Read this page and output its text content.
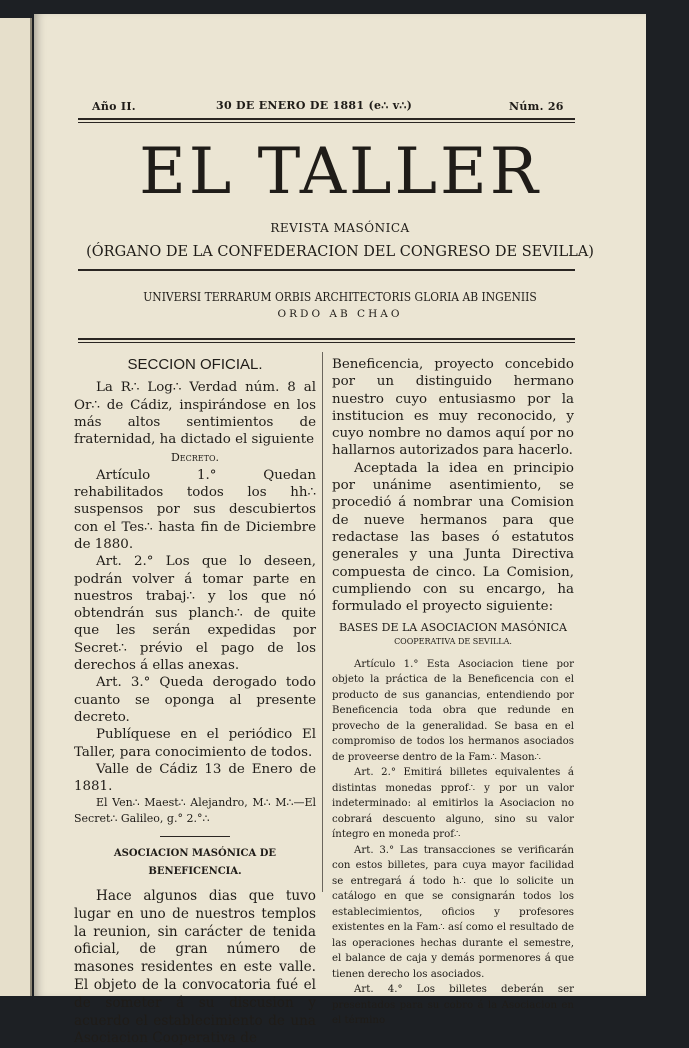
Año II.	30 DE ENERO DE 1881 (e∴ v∴)	Núm. 26
EL TALLER
REVISTA MASÓNICA
(ÓRGANO DE LA CONFEDERACION DEL CONGRESO DE SEVILLA)
UNIVERSI TERRARUM ORBIS ARCHITECTORIS GLORIA AB INGENIIS
ORDO AB CHAO
SECCION OFICIAL.

La R∴ Log∴ Verdad núm. 8 al Or∴ de Cádiz, inspirándose en los más altos sentimientos de fraternidad, ha dictado el siguiente

Decreto.

Artículo 1.° Quedan rehabilitados todos los hh∴ suspensos por sus descubiertos con el Tes∴ hasta fin de Diciembre de 1880.

Art. 2.° Los que lo deseen, podrán volver á tomar parte en nuestros trabaj∴ y los que nó obtendrán sus planch∴ de quite que les serán expedidas por Secret∴ prévio el pago de los derechos á ellas anexas.

Art. 3.° Queda derogado todo cuanto se oponga al presente decreto.

Publíquese en el periódico El Taller, para conocimiento de todos.

Valle de Cádiz 13 de Enero de 1881.

El Ven∴ Maest∴ Alejandro, M∴ M∴—El Secret∴ Galileo, g.° 2.°∴

ASOCIACION MASÓNICA DE BENEFICENCIA.

Hace algunos dias que tuvo lugar en uno de nuestros templos la reunion, sin carácter de tenida oficial, de gran número de masones residentes en este valle. El objeto de la convocatoria fué el de someter á su discusion y acuerdo el establecimiento de una Asociacion Cooperativa de

Beneficencia, proyecto concebido por un distinguido hermano nuestro cuyo entusiasmo por la institucion es muy reconocido, y cuyo nombre no damos aquí por no hallarnos autorizados para hacerlo.

Aceptada la idea en principio por unánime asentimiento, se procedió á nombrar una Comision de nueve hermanos para que redactase las bases ó estatutos generales y una Junta Directiva compuesta de cinco. La Comision, cumpliendo con su encargo, ha formulado el proyecto siguiente:

BASES DE LA ASOCIACION MASÓNICA
COOPERATIVA DE SEVILLA.

Artículo 1.° Esta Asociacion tiene por objeto la práctica de la Beneficencia con el producto de sus ganancias, entendiendo por Beneficencia toda obra que redunde en provecho de la generalidad. Se basa en el compromiso de todos los hermanos asociados de proveerse dentro de la Fam∴ Mason∴

Art. 2.° Emitirá billetes equivalentes á distintas monedas pprof∴ y por un valor indeterminado: al emitirlos la Asociacion no cobrará descuento alguno, sino su valor íntegro en moneda prof∴

Art. 3.° Las transacciones se verificarán con estos billetes, para cuya mayor facilidad se entregará á todo h∴ que lo solicite un catálogo en que se consignarán todos los establecimientos, oficios y profesores existentes en la Fam∴ así como el resultado de las operaciones hechas durante el semestre, el balance de caja y demás pormenores á que tienen derecho los asociados.

Art. 4.° Los billetes deberán ser presentados para su cobro á la Asociacion en el término
